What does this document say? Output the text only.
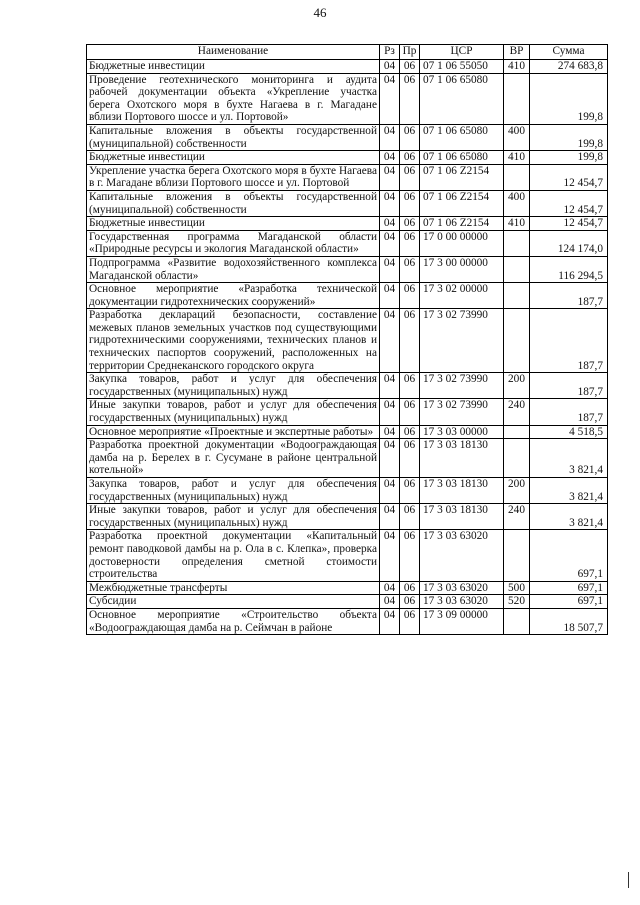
46
Наименование	Рз	Пр	ЦСР	ВР	Сумма
Бюджетные инвестиции	04	06	07 1 06 55050	410	274 683,8
Проведение геотехнического мониторинга и аудита рабочей документации объекта «Укрепление участка берега Охотского моря в бухте Нагаева в г. Магадане вблизи Портового шоссе и ул. Портовой»	04	06	07 1 06 65080		199,8
Капитальные вложения в объекты государственной (муниципальной) собственности	04	06	07 1 06 65080	400	199,8
Бюджетные инвестиции	04	06	07 1 06 65080	410	199,8
Укрепление участка берега Охотского моря в бухте Нагаева в г. Магадане вблизи Портового шоссе и ул. Портовой	04	06	07 1 06 Z2154		12 454,7
Капитальные вложения в объекты государственной (муниципальной) собственности	04	06	07 1 06 Z2154	400	12 454,7
Бюджетные инвестиции	04	06	07 1 06 Z2154	410	12 454,7
Государственная программа Магаданской области «Природные ресурсы и экология Магаданской области»	04	06	17 0 00 00000		124 174,0
Подпрограмма «Развитие водохозяйственного комплекса Магаданской области»	04	06	17 3 00 00000		116 294,5
Основное мероприятие «Разработка технической документации гидротехнических сооружений»	04	06	17 3 02 00000		187,7
Разработка деклараций безопасности, составление межевых планов земельных участков под существующими гидротехническими сооружениями, технических планов и технических паспортов сооружений, расположенных на территории Среднеканского городского округа	04	06	17 3 02 73990		187,7
Закупка товаров, работ и услуг для обеспечения государственных (муниципальных) нужд	04	06	17 3 02 73990	200	187,7
Иные закупки товаров, работ и услуг для обеспечения государственных (муниципальных) нужд	04	06	17 3 02 73990	240	187,7
Основное мероприятие «Проектные и экспертные работы»	04	06	17 3 03 00000		4 518,5
Разработка проектной документации «Водоограждающая дамба на р. Берелех в г. Сусумане в районе центральной котельной»	04	06	17 3 03 18130		3 821,4
Закупка товаров, работ и услуг для обеспечения государственных (муниципальных) нужд	04	06	17 3 03 18130	200	3 821,4
Иные закупки товаров, работ и услуг для обеспечения государственных (муниципальных) нужд	04	06	17 3 03 18130	240	3 821,4
Разработка проектной документации «Капитальный ремонт паводковой дамбы на р. Ола в с. Клепка», проверка достоверности определения сметной стоимости строительства	04	06	17 3 03 63020		697,1
Межбюджетные трансферты	04	06	17 3 03 63020	500	697,1
Субсидии	04	06	17 3 03 63020	520	697,1
Основное мероприятие «Строительство объекта «Водоограждающая дамба на р. Сеймчан в районе	04	06	17 3 09 00000		18 507,7
